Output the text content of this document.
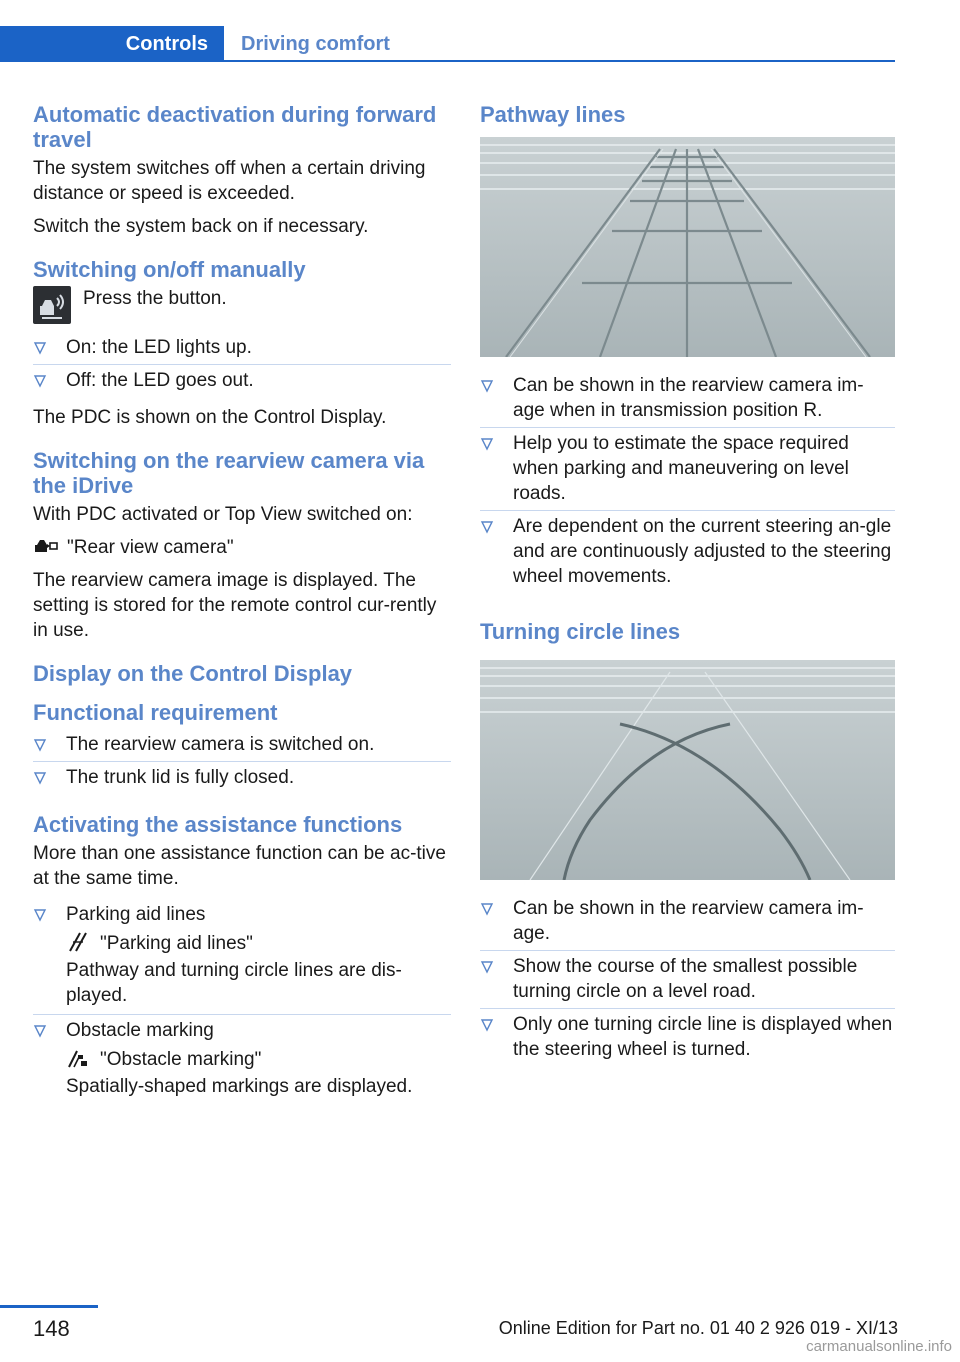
Controls	Driving comfort
Automatic deactivation during forward travel

The system switches off when a certain driving distance or speed is exceeded.

Switch the system back on if necessary.

Switching on/off manually
Press the button.
On: the LED lights up.
Off: the LED goes out.

The PDC is shown on the Control Display.

Switching on the rearview camera via the iDrive

With PDC activated or Top View switched on:

"Rear view camera"

The rearview camera image is displayed. The setting is stored for the remote control cur-rently in use.

Display on the Control Display
Functional requirement
The rearview camera is switched on.
The trunk lid is fully closed.
Activating the assistance functions

More than one assistance function can be ac-tive at the same time.

Parking aid lines
"Parking aid lines"

Pathway and turning circle lines are dis-played.

Obstacle marking
"Obstacle marking"

Spatially-shaped markings are displayed.

Pathway lines
Can be shown in the rearview camera im-age when in transmission position R.
Help you to estimate the space required when parking and maneuvering on level roads.
Are dependent on the current steering an-gle and are continuously adjusted to the steering wheel movements.
Turning circle lines
Can be shown in the rearview camera im-age.
Show the course of the smallest possible turning circle on a level road.
Only one turning circle line is displayed when the steering wheel is turned.
148	Online Edition for Part no. 01 40 2 926 019 - XI/13
carmanualsonline.info
